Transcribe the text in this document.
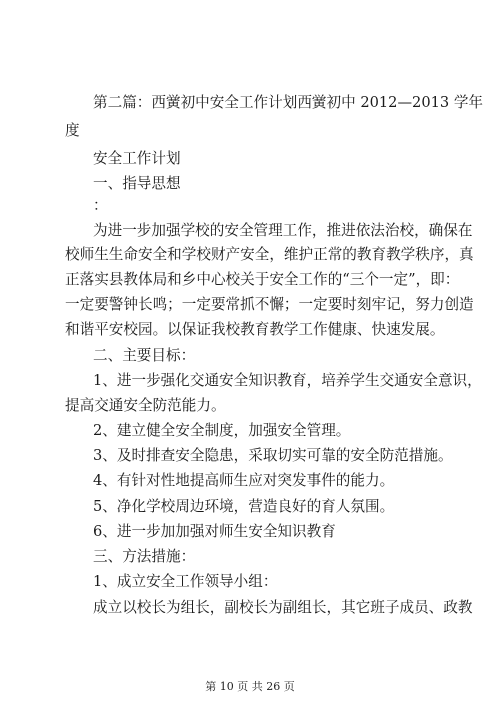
第二篇：西黉初中安全工作计划西黉初中 2012—2013 学年
度
安全工作计划
一、指导思想
：
为进一步加强学校的安全管理工作，推进依法治校，确保在
校师生生命安全和学校财产安全，维护正常的教育教学秩序，真
正落实县教体局和乡中心校关于安全工作的“三个一定”，即：
一定要警钟长鸣；一定要常抓不懈；一定要时刻牢记，努力创造
和谐平安校园。以保证我校教育教学工作健康、快速发展。
二、主要目标：
1、进一步强化交通安全知识教育，培养学生交通安全意识，
提高交通安全防范能力。
2、建立健全安全制度，加强安全管理。
3、及时排查安全隐患，采取切实可靠的安全防范措施。
4、有针对性地提高师生应对突发事件的能力。
5、净化学校周边环境，营造良好的育人氛围。
6、进一步加加强对师生安全知识教育
三、方法措施：
1、成立安全工作领导小组：
成立以校长为组长，副校长为副组长，其它班子成员、政教
第 10 页 共 26 页
